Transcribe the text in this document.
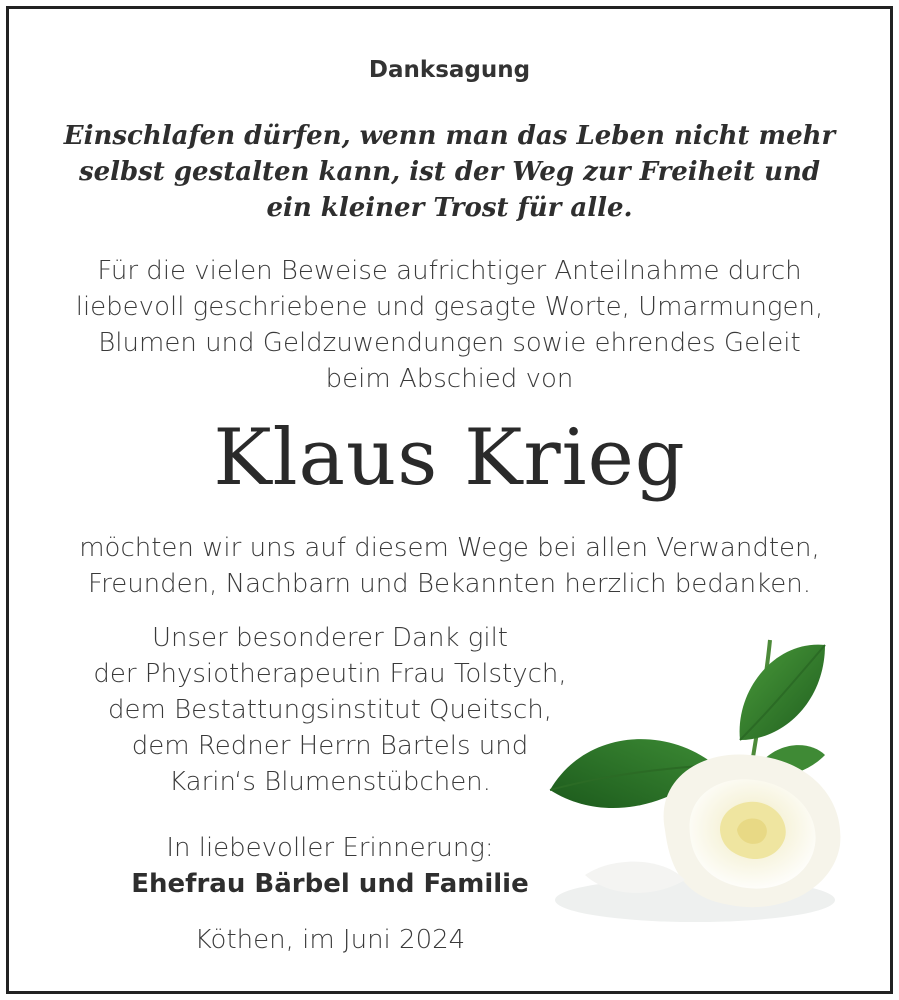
Danksagung
Einschlafen dürfen, wenn man das Leben nicht mehr
selbst gestalten kann, ist der Weg zur Freiheit und
ein kleiner Trost für alle.
Für die vielen Beweise aufrichtiger Anteilnahme durch
liebevoll geschriebene und gesagte Worte, Umarmungen,
Blumen und Geldzuwendungen sowie ehrendes Geleit
beim Abschied von
Klaus Krieg
möchten wir uns auf diesem Wege bei allen Verwandten,
Freunden, Nachbarn und Bekannten herzlich bedanken.
Unser besonderer Dank gilt
der Physiotherapeutin Frau Tolstych,
dem Bestattungsinstitut Queitsch,
dem Redner Herrn Bartels und
Karin‘s Blumenstübchen.
In liebevoller Erinnerung:
Ehefrau Bärbel und Familie
Köthen, im Juni 2024
